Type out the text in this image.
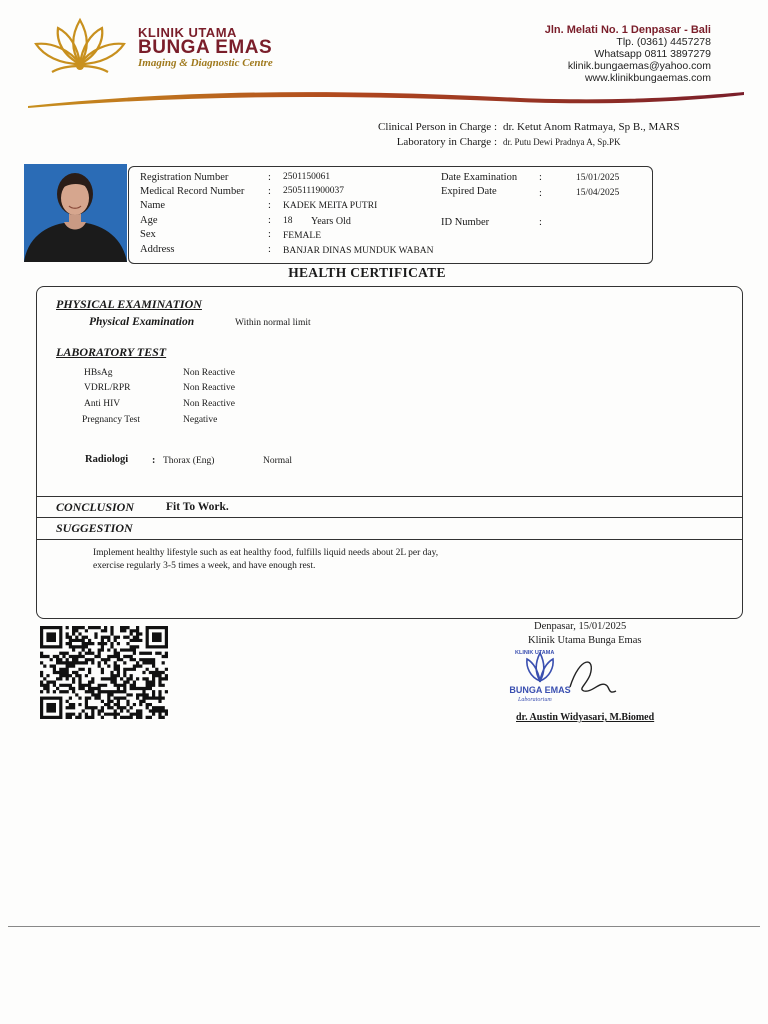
KLINIK UTAMA
BUNGA EMAS
Imaging & Diagnostic Centre
Jln. Melati No. 1 Denpasar - Bali
Tlp. (0361) 4457278
Whatsapp 0811 3897279
klinik.bungaemas@yahoo.com
www.klinikbungaemas.com
Clinical Person in Charge : dr. Ketut Anom Ratmaya, Sp B., MARS
Laboratory in Charge : dr. Putu Dewi Pradnya A, Sp.PK
Registration Number	: 2501150061
Medical Record Number : 2505111900037
Name	: KADEK MEITA PUTRI
Age	: 18 Years Old
Sex	: FEMALE
Address	: BANJAR DINAS MUNDUK WABAN
Date Examination :	15/01/2025
Expired Date	:	15/04/2025
ID Number	:
HEALTH CERTIFICATE
PHYSICAL EXAMINATION
Physical Examination	Within normal limit
LABORATORY TEST
HBsAg	Non Reactive
VDRL/RPR	Non Reactive
Anti HIV	Non Reactive
Pregnancy Test	Negative
Radiologi : Thorax (Eng)	Normal
CONCLUSION	Fit To Work.
SUGGESTION
Implement healthy lifestyle such as eat healthy food, fulfills liquid needs about 2L per day,
exercise regularly 3-5 times a week, and have enough rest.
Denpasar, 15/01/2025
Klinik Utama Bunga Emas
BUNGA EMAS
KLINIK UTAMA
Laboratorium
dr. Austin Widyasari, M.Biomed
